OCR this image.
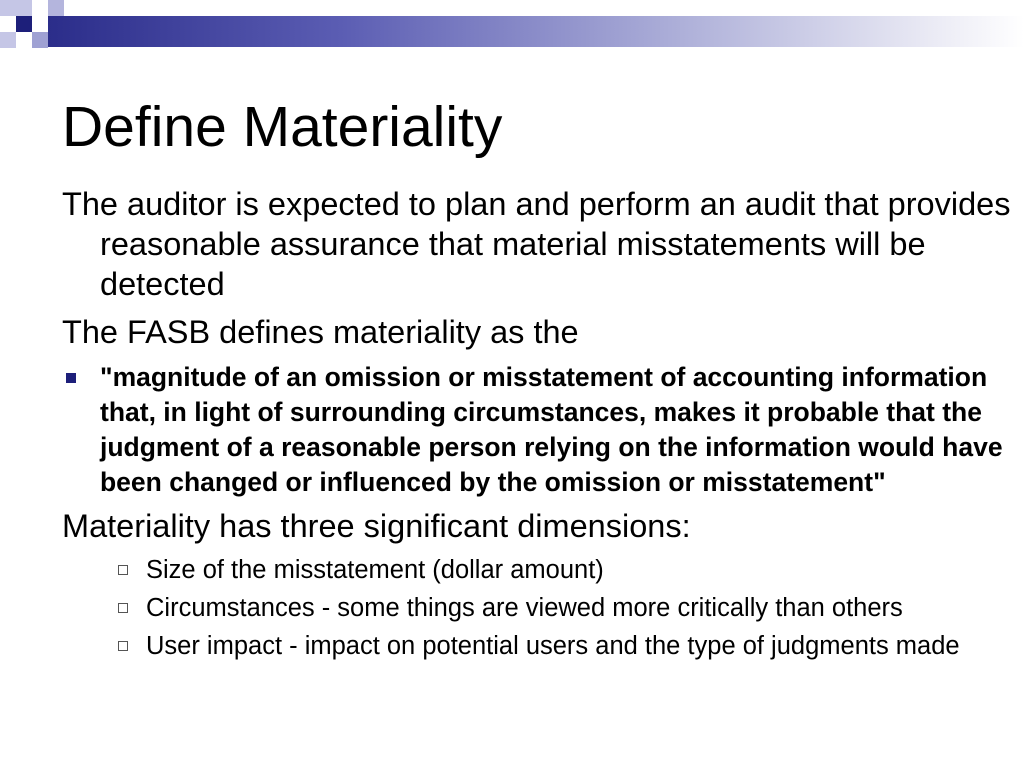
Define Materiality

The auditor is expected to plan and perform an audit that provides reasonable assurance that material misstatements will be detected

The FASB defines materiality as the

"magnitude of an omission or misstatement of accounting information that, in light of surrounding circumstances, makes it probable that the judgment of a reasonable person relying on the information would have been changed or influenced by the omission or misstatement"

Materiality has three significant dimensions:

Size of the misstatement (dollar amount)
Circumstances - some things are viewed more critically than others
User impact - impact on potential users and the type of judgments made
